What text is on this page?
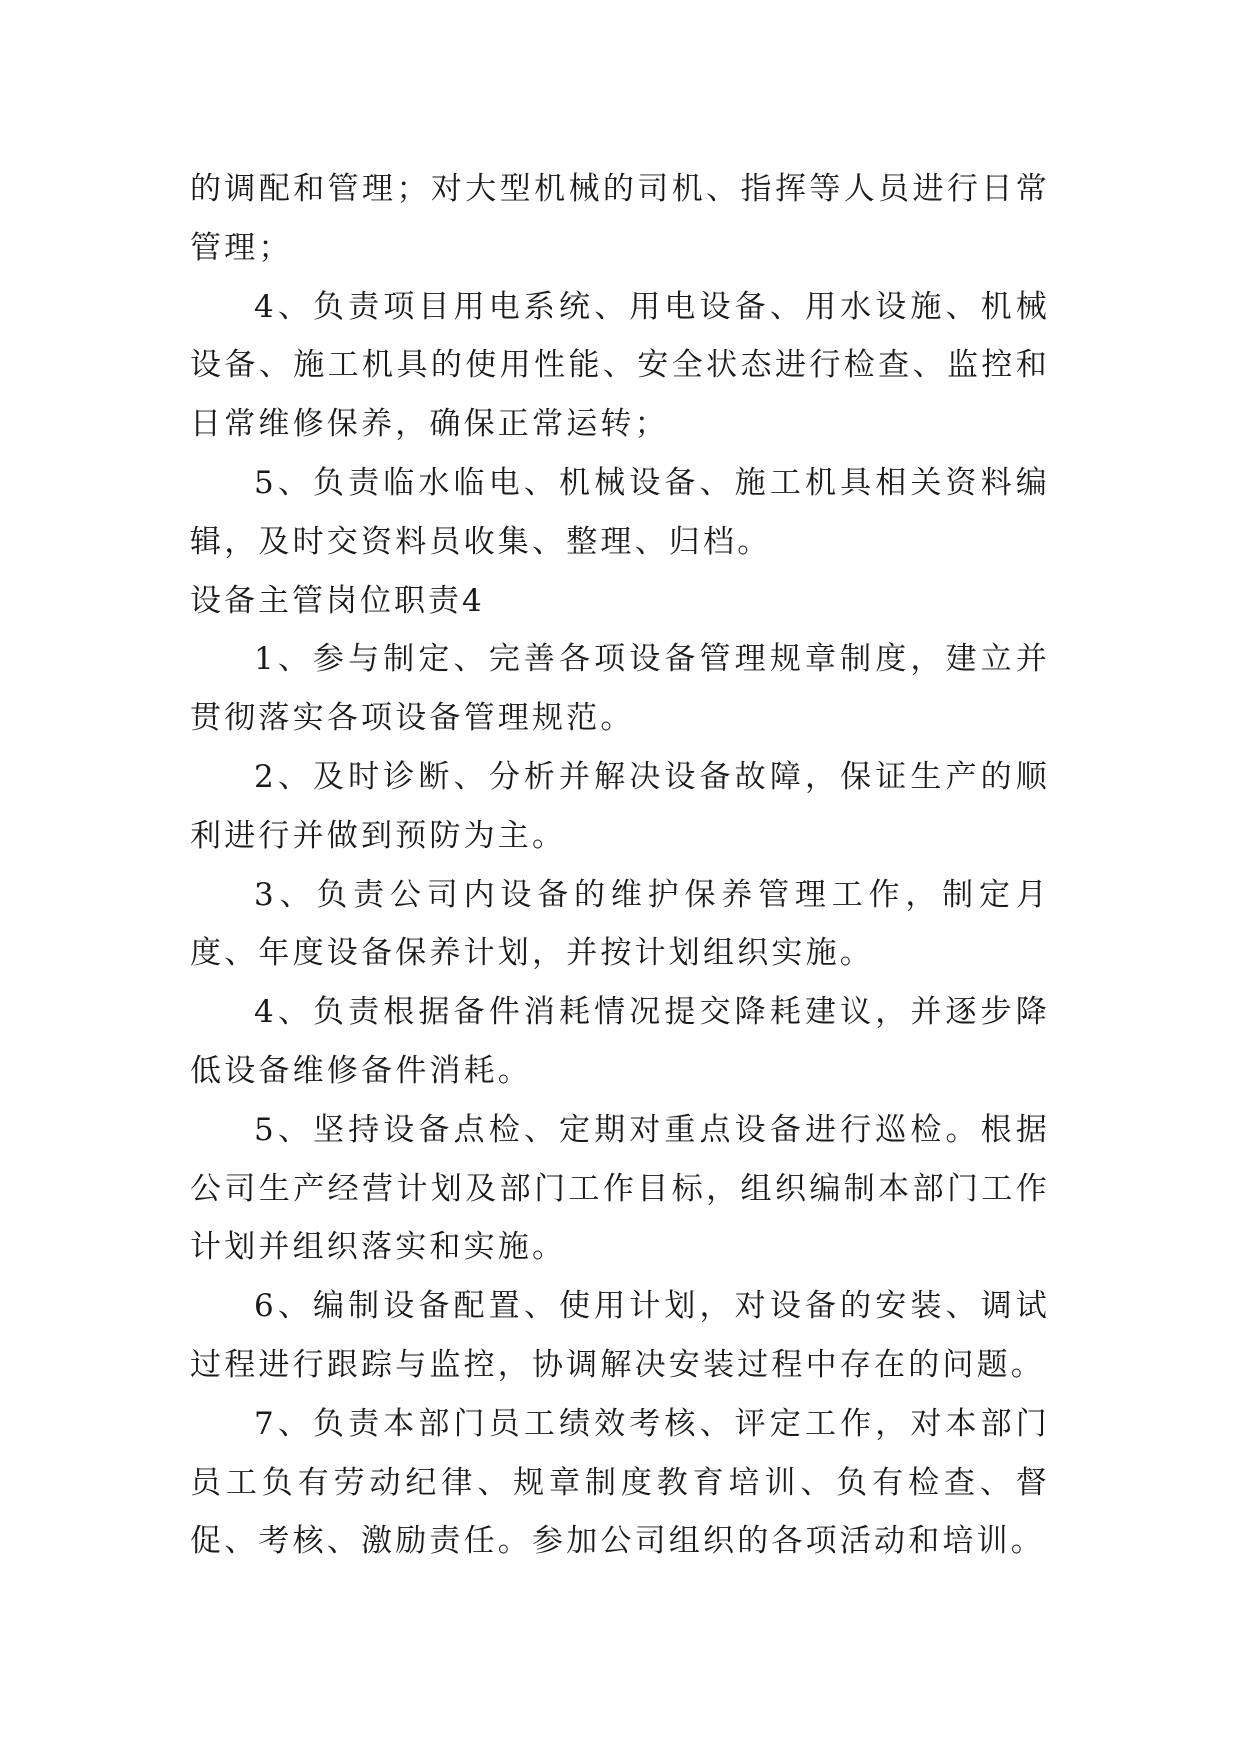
的调配和管理；对大型机械的司机、指挥等人员进行日常管理；

4、负责项目用电系统、用电设备、用水设施、机械设备、施工机具的使用性能、安全状态进行检查、监控和日常维修保养，确保正常运转；

5、负责临水临电、机械设备、施工机具相关资料编辑，及时交资料员收集、整理、归档。

设备主管岗位职责4

1、参与制定、完善各项设备管理规章制度，建立并贯彻落实各项设备管理规范。

2、及时诊断、分析并解决设备故障，保证生产的顺利进行并做到预防为主。

3、负责公司内设备的维护保养管理工作，制定月度、年度设备保养计划，并按计划组织实施。

4、负责根据备件消耗情况提交降耗建议，并逐步降低设备维修备件消耗。

5、坚持设备点检、定期对重点设备进行巡检。根据公司生产经营计划及部门工作目标，组织编制本部门工作计划并组织落实和实施。

6、编制设备配置、使用计划，对设备的安装、调试过程进行跟踪与监控，协调解决安装过程中存在的问题。

7、负责本部门员工绩效考核、评定工作，对本部门员工负有劳动纪律、规章制度教育培训、负有检查、督促、考核、激励责任。参加公司组织的各项活动和培训。
